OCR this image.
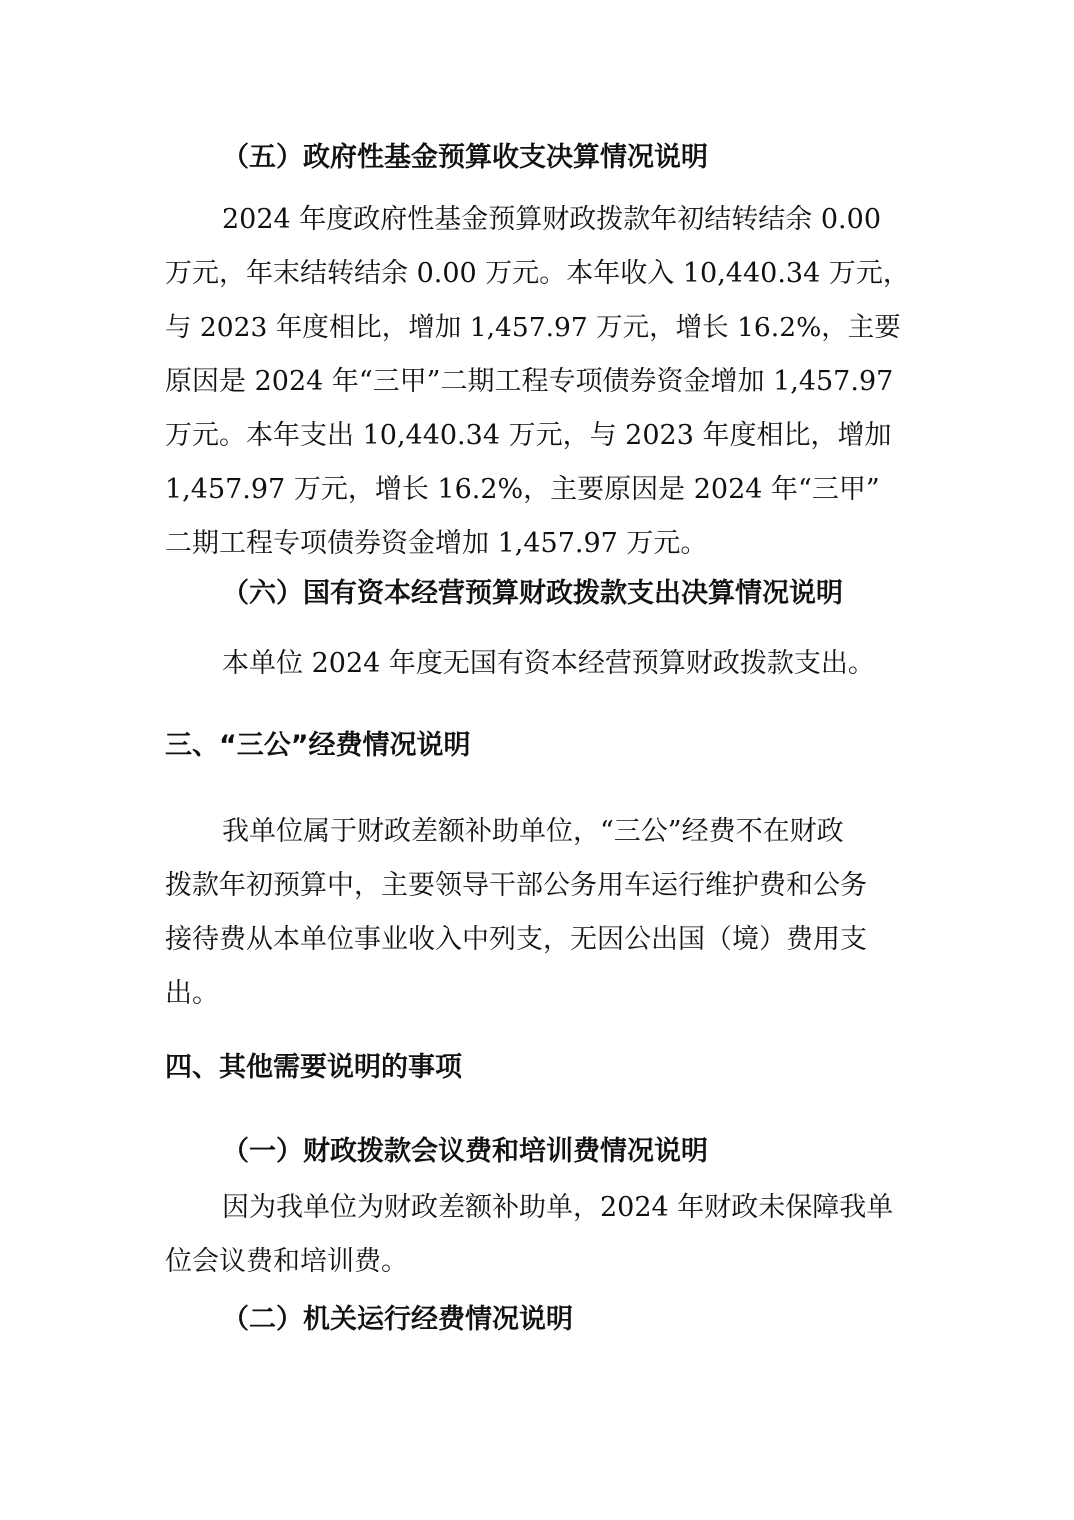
（五）政府性基金预算收支决算情况说明
2024 年度政府性基金预算财政拨款年初结转结余 0.00
万元，年末结转结余 0.00 万元。本年收入 10,440.34 万元，
与 2023 年度相比，增加 1,457.97 万元，增长 16.2%，主要
原因是 2024 年“三甲”二期工程专项债券资金增加 1,457.97
万元。本年支出 10,440.34 万元，与 2023 年度相比，增加
1,457.97 万元，增长 16.2%，主要原因是 2024 年“三甲”
二期工程专项债券资金增加 1,457.97 万元。
（六）国有资本经营预算财政拨款支出决算情况说明
本单位 2024 年度无国有资本经营预算财政拨款支出。
三、“三公”经费情况说明
我单位属于财政差额补助单位，“三公”经费不在财政
拨款年初预算中，主要领导干部公务用车运行维护费和公务
接待费从本单位事业收入中列支，无因公出国（境）费用支
出。
四、其他需要说明的事项
（一）财政拨款会议费和培训费情况说明
因为我单位为财政差额补助单，2024 年财政未保障我单
位会议费和培训费。
（二）机关运行经费情况说明
